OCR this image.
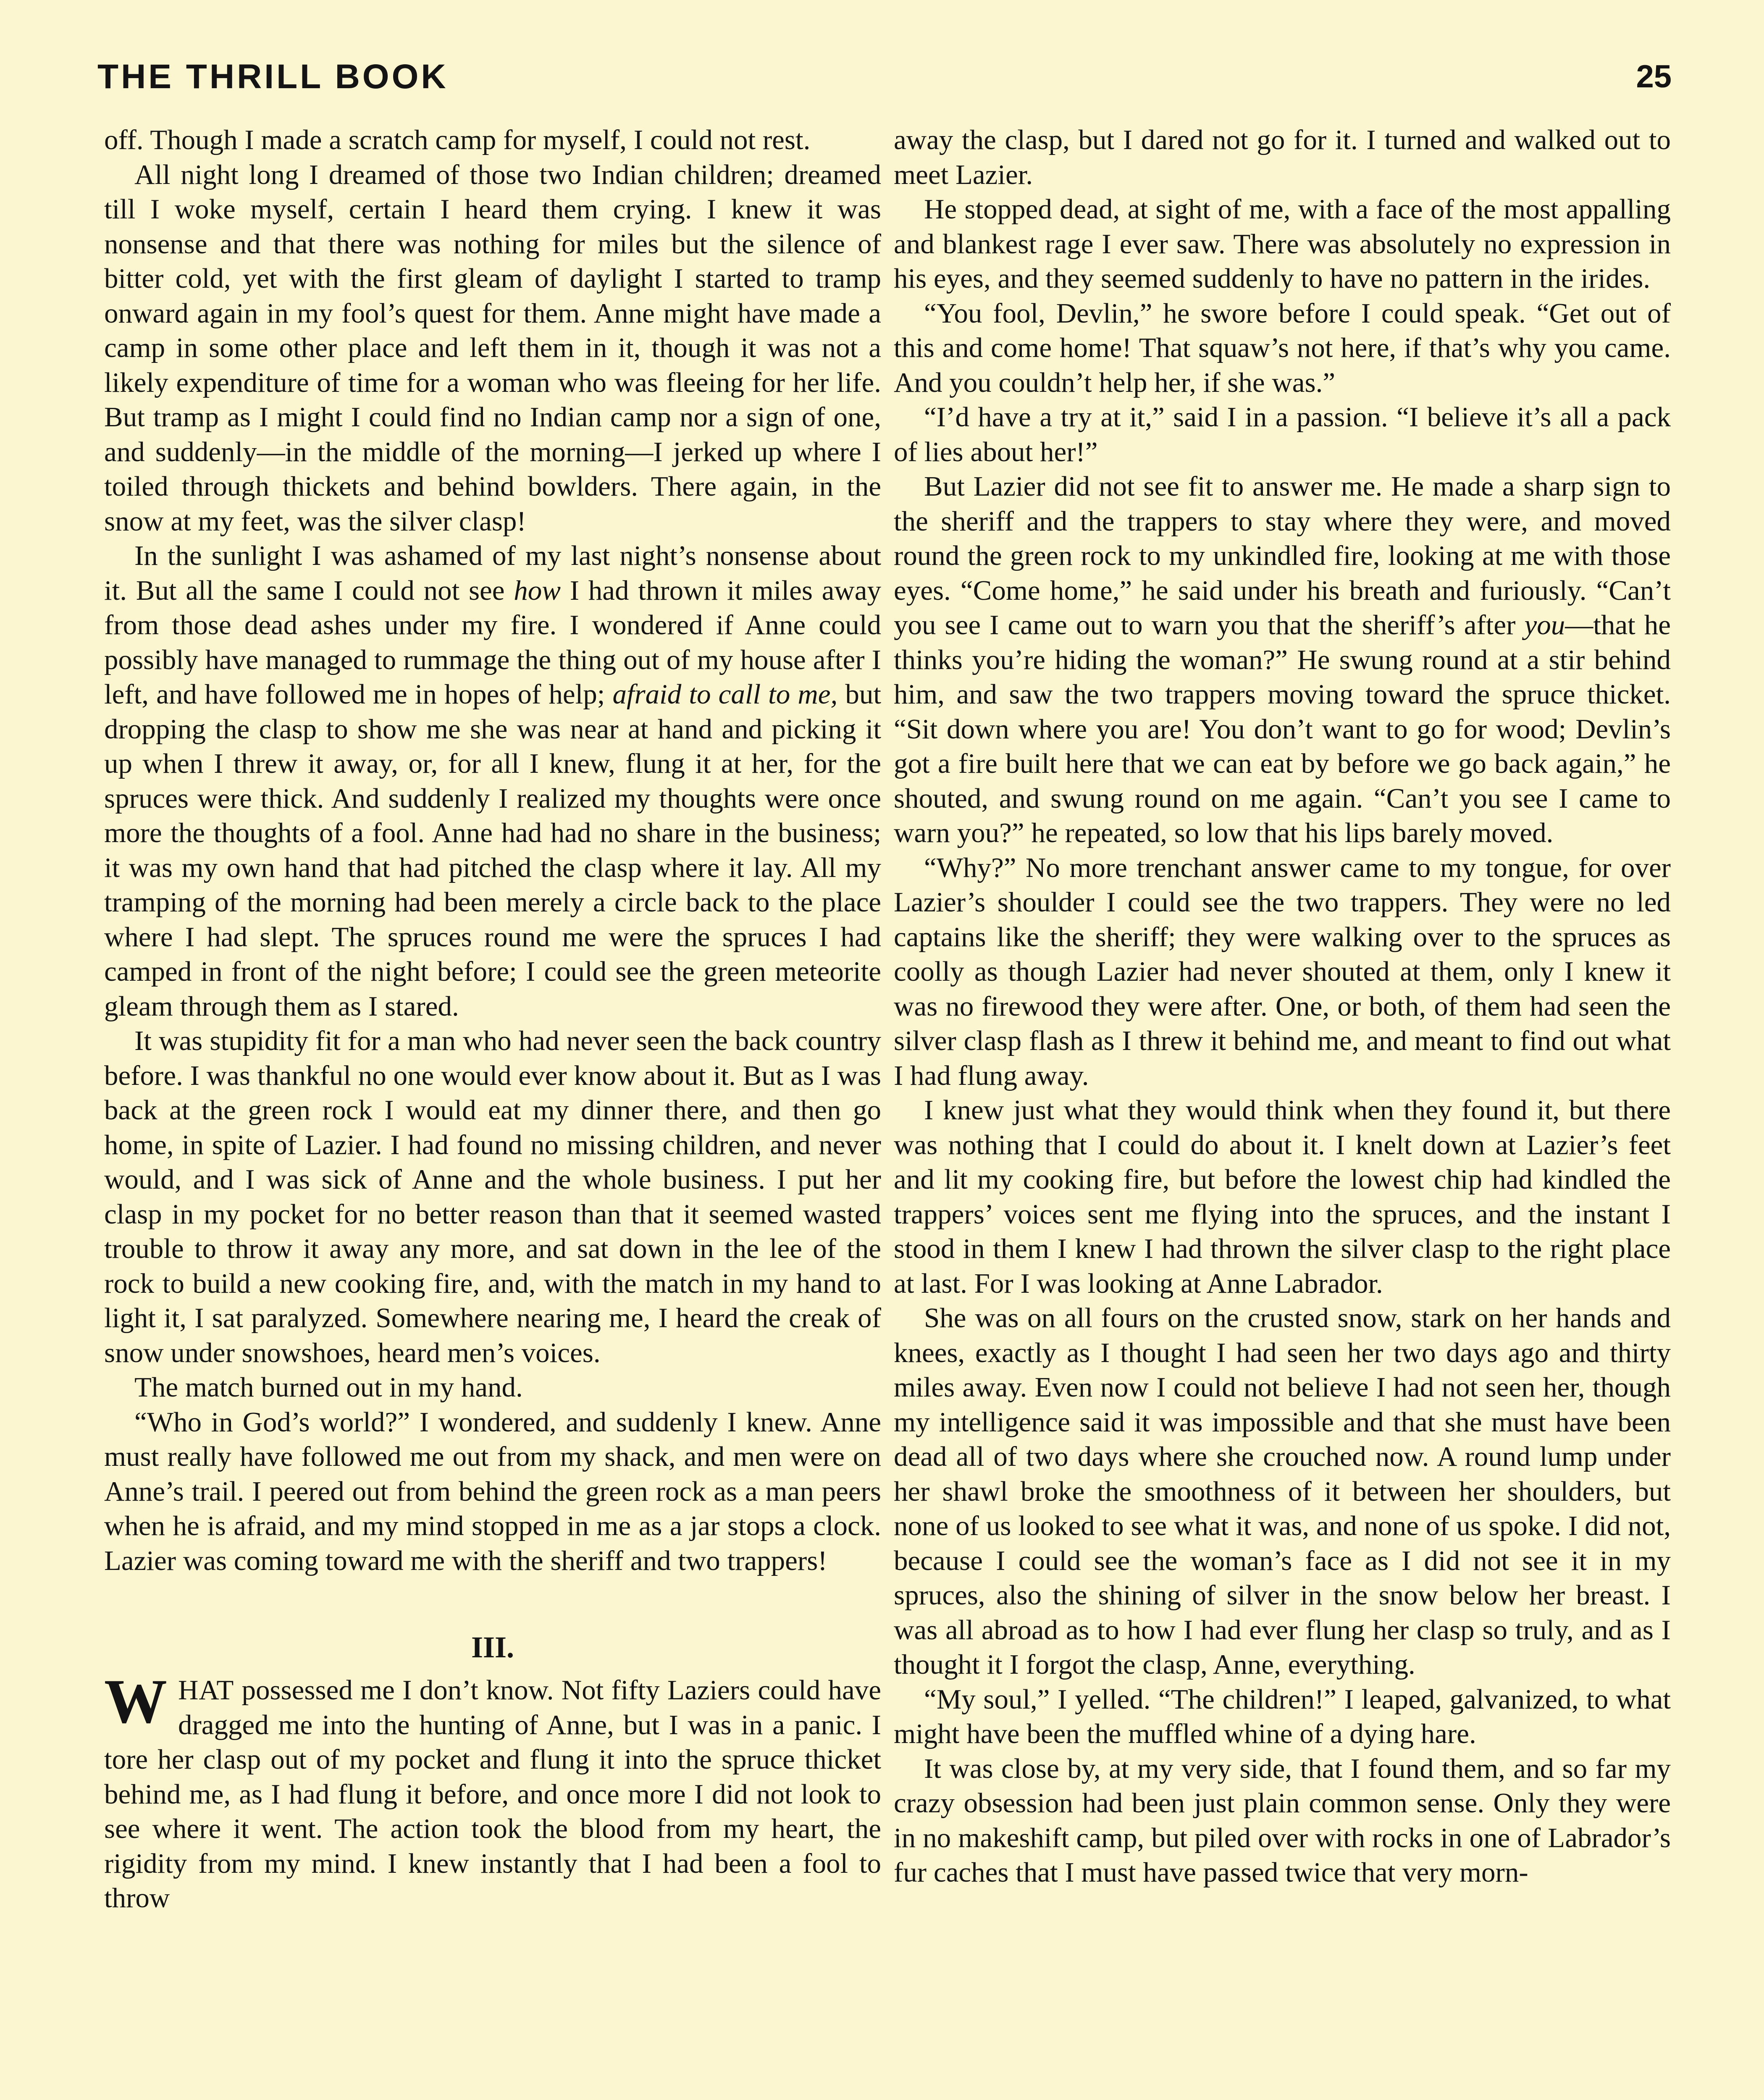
THE THRILL BOOK	25

off. Though I made a scratch camp for myself, I could not rest.

All night long I dreamed of those two Indian children; dreamed till I woke myself, certain I heard them crying. I knew it was nonsense and that there was nothing for miles but the silence of bitter cold, yet with the first gleam of daylight I started to tramp onward again in my fool’s quest for them. Anne might have made a camp in some other place and left them in it, though it was not a likely expenditure of time for a woman who was fleeing for her life. But tramp as I might I could find no Indian camp nor a sign of one, and suddenly—in the middle of the morning—I jerked up where I toiled through thickets and behind bowlders. There again, in the snow at my feet, was the silver clasp!

In the sunlight I was ashamed of my last night’s nonsense about it. But all the same I could not see how I had thrown it miles away from those dead ashes under my fire. I wondered if Anne could possibly have managed to rummage the thing out of my house after I left, and have followed me in hopes of help; afraid to call to me, but dropping the clasp to show me she was near at hand and picking it up when I threw it away, or, for all I knew, flung it at her, for the spruces were thick. And suddenly I realized my thoughts were once more the thoughts of a fool. Anne had had no share in the business; it was my own hand that had pitched the clasp where it lay. All my tramping of the morning had been merely a circle back to the place where I had slept. The spruces round me were the spruces I had camped in front of the night before; I could see the green meteorite gleam through them as I stared.

It was stupidity fit for a man who had never seen the back country before. I was thankful no one would ever know about it. But as I was back at the green rock I would eat my dinner there, and then go home, in spite of Lazier. I had found no missing children, and never would, and I was sick of Anne and the whole business. I put her clasp in my pocket for no better reason than that it seemed wasted trouble to throw it away any more, and sat down in the lee of the rock to build a new cooking fire, and, with the match in my hand to light it, I sat paralyzed. Somewhere nearing me, I heard the creak of snow under snowshoes, heard men’s voices.

The match burned out in my hand.

“Who in God’s world?” I wondered, and suddenly I knew. Anne must really have followed me out from my shack, and men were on Anne’s trail. I peered out from behind the green rock as a man peers when he is afraid, and my mind stopped in me as a jar stops a clock. Lazier was coming toward me with the sheriff and two trappers!

III.

WHAT possessed me I don’t know. Not fifty Laziers could have dragged me into the hunting of Anne, but I was in a panic. I tore her clasp out of my pocket and flung it into the spruce thicket behind me, as I had flung it before, and once more I did not look to see where it went. The action took the blood from my heart, the rigidity from my mind. I knew instantly that I had been a fool to throw

away the clasp, but I dared not go for it. I turned and walked out to meet Lazier.

He stopped dead, at sight of me, with a face of the most appalling and blankest rage I ever saw. There was absolutely no expression in his eyes, and they seemed suddenly to have no pattern in the irides.

“You fool, Devlin,” he swore before I could speak. “Get out of this and come home! That squaw’s not here, if that’s why you came. And you couldn’t help her, if she was.”

“I’d have a try at it,” said I in a passion. “I believe it’s all a pack of lies about her!”

But Lazier did not see fit to answer me. He made a sharp sign to the sheriff and the trappers to stay where they were, and moved round the green rock to my unkindled fire, looking at me with those eyes. “Come home,” he said under his breath and furiously. “Can’t you see I came out to warn you that the sheriff’s after you—that he thinks you’re hiding the woman?” He swung round at a stir behind him, and saw the two trappers moving toward the spruce thicket. “Sit down where you are! You don’t want to go for wood; Devlin’s got a fire built here that we can eat by before we go back again,” he shouted, and swung round on me again. “Can’t you see I came to warn you?” he repeated, so low that his lips barely moved.

“Why?” No more trenchant answer came to my tongue, for over Lazier’s shoulder I could see the two trappers. They were no led captains like the sheriff; they were walking over to the spruces as coolly as though Lazier had never shouted at them, only I knew it was no firewood they were after. One, or both, of them had seen the silver clasp flash as I threw it behind me, and meant to find out what I had flung away.

I knew just what they would think when they found it, but there was nothing that I could do about it. I knelt down at Lazier’s feet and lit my cooking fire, but before the lowest chip had kindled the trappers’ voices sent me flying into the spruces, and the instant I stood in them I knew I had thrown the silver clasp to the right place at last. For I was looking at Anne Labrador.

She was on all fours on the crusted snow, stark on her hands and knees, exactly as I thought I had seen her two days ago and thirty miles away. Even now I could not believe I had not seen her, though my intelligence said it was impossible and that she must have been dead all of two days where she crouched now. A round lump under her shawl broke the smoothness of it between her shoulders, but none of us looked to see what it was, and none of us spoke. I did not, because I could see the woman’s face as I did not see it in my spruces, also the shining of silver in the snow below her breast. I was all abroad as to how I had ever flung her clasp so truly, and as I thought it I forgot the clasp, Anne, everything.

“My soul,” I yelled. “The children!” I leaped, galvanized, to what might have been the muffled whine of a dying hare.

It was close by, at my very side, that I found them, and so far my crazy obsession had been just plain common sense. Only they were in no makeshift camp, but piled over with rocks in one of Labrador’s fur caches that I must have passed twice that very morn-
